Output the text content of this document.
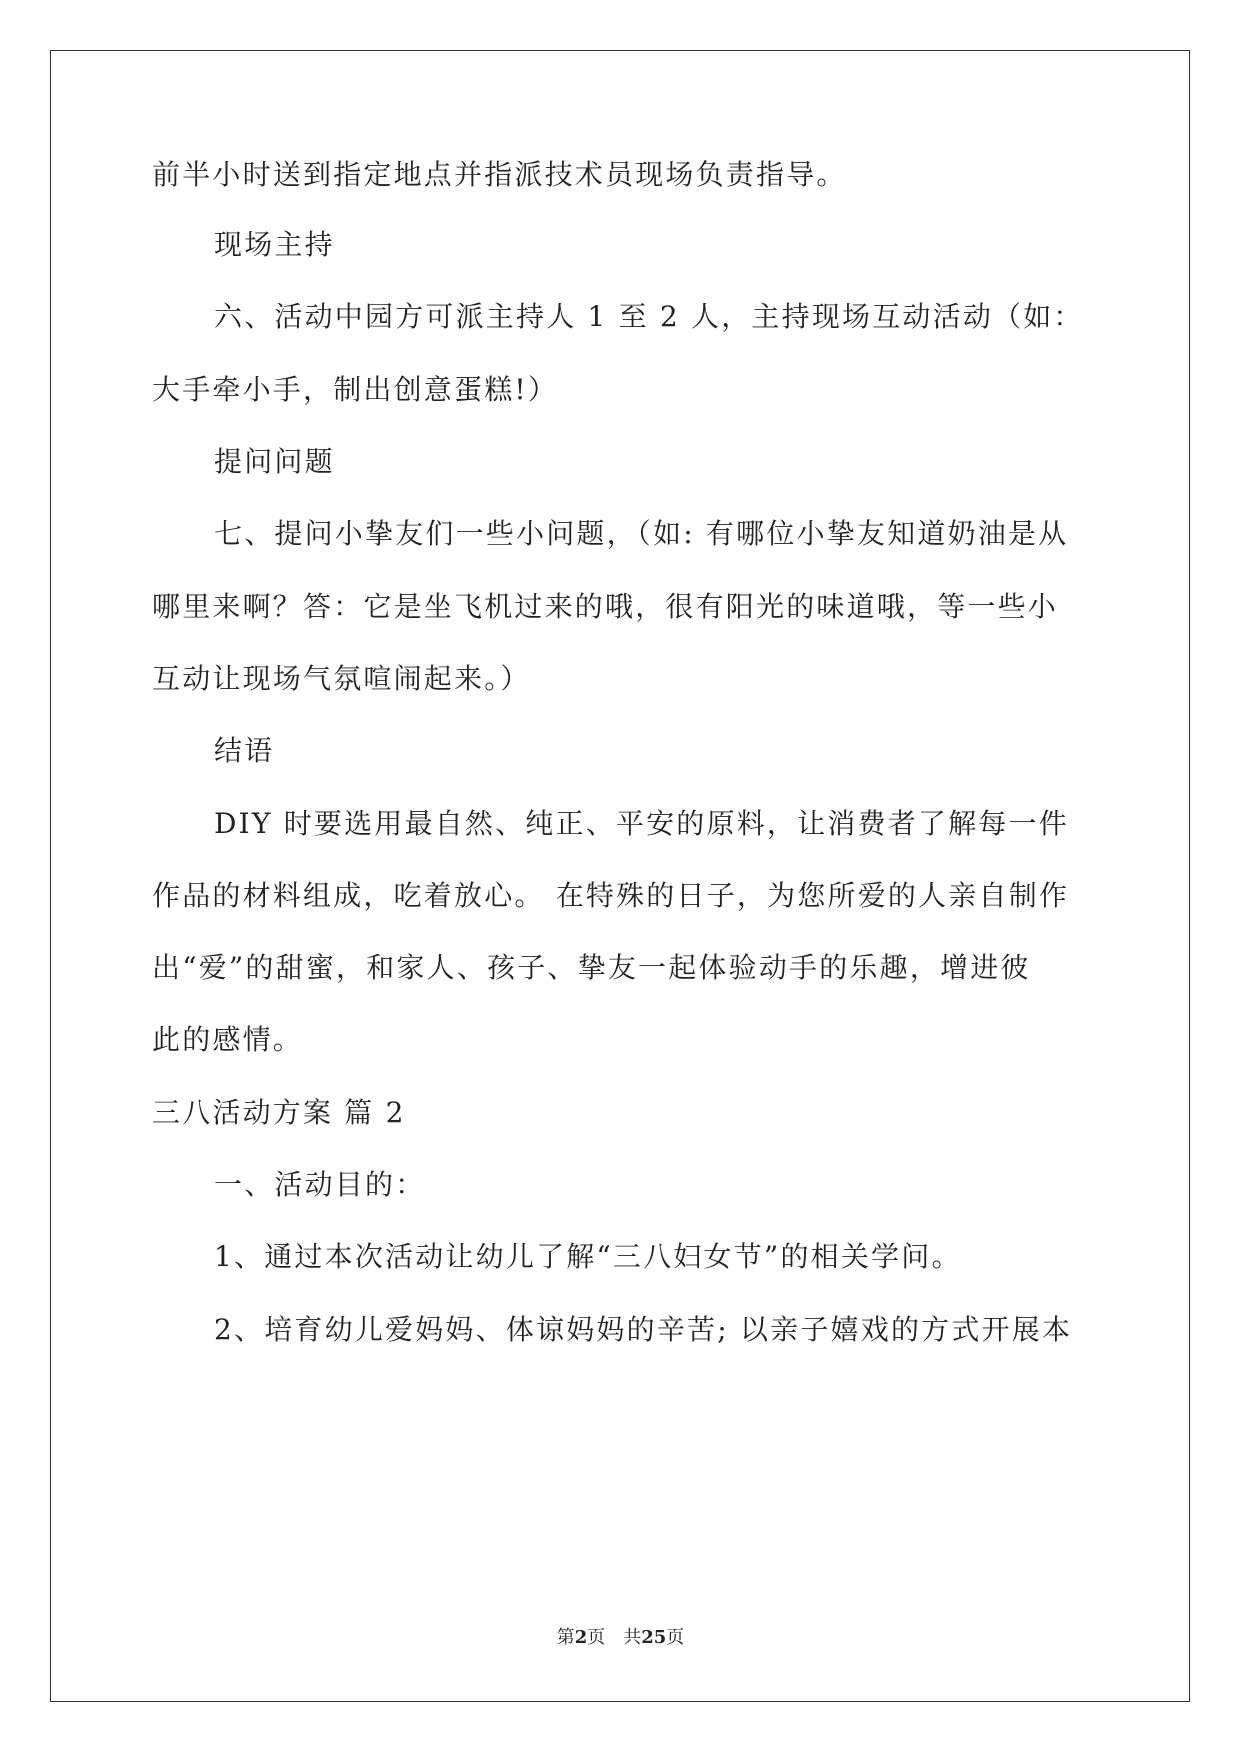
前半小时送到指定地点并指派技术员现场负责指导。
现场主持
六、活动中园方可派主持人 1 至 2 人，主持现场互动活动（如：
大手牵小手，制出创意蛋糕!）
提问问题
七、提问小挚友们一些小问题，（如: 有哪位小挚友知道奶油是从
哪里来啊？答：它是坐飞机过来的哦，很有阳光的味道哦，等一些小
互动让现场气氛喧闹起来。）
结语
DIY 时要选用最自然、纯正、平安的原料，让消费者了解每一件
作品的材料组成，吃着放心。 在特殊的日子，为您所爱的人亲自制作
出“爱”的甜蜜，和家人、孩子、挚友一起体验动手的乐趣，增进彼
此的感情。
三八活动方案 篇 2
一、活动目的：
1、通过本次活动让幼儿了解“三八妇女节”的相关学问。
2、培育幼儿爱妈妈、体谅妈妈的辛苦; 以亲子嬉戏的方式开展本
第2页　共25页
